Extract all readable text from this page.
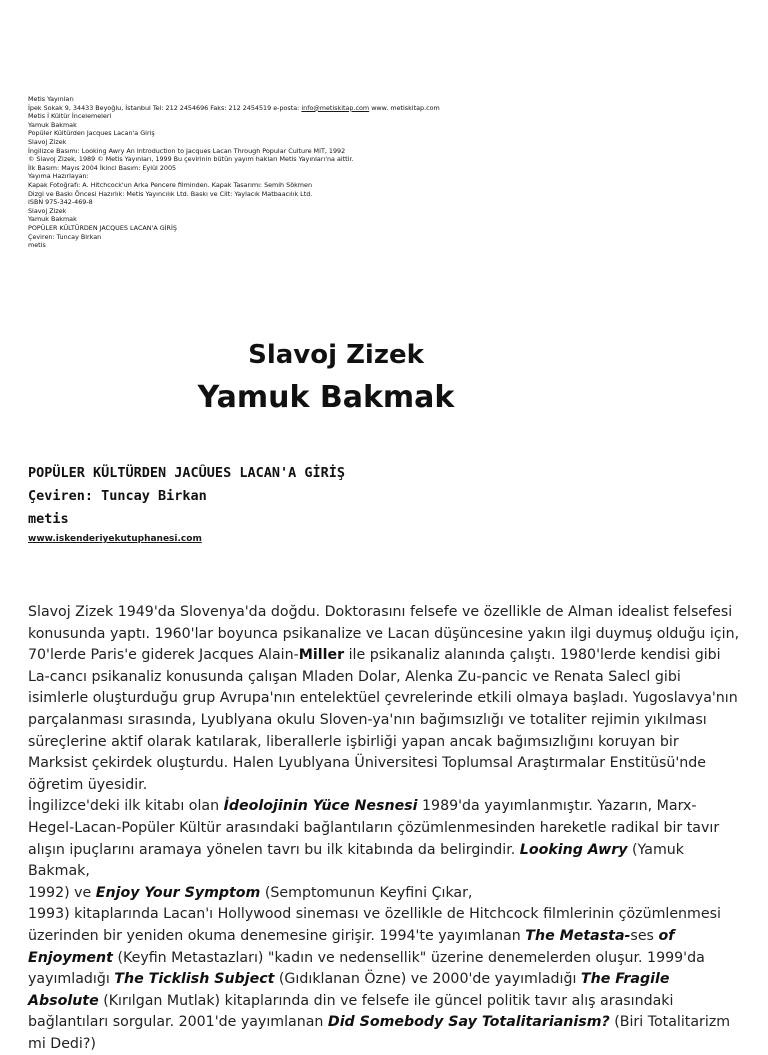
Metis Yayınları
İpek Sokak 9, 34433 Beyoğlu, İstanbul Tel: 212 2454696 Faks: 212 2454519 e-posta: info@metiskitap.com www. metiskitap.com
Metis İ Kültür İncelemeleri
Yamuk Bakmak
Popüler Kültürden Jacques Lacan'a Giriş
Slavoj Zizek
İngilizce Basımı: Looking Awry An Introduction to Jacques Lacan Through Popular Culture MIT, 1992
© Slavoj Zizek, 1989 © Metis Yayınları, 1999 Bu çevirinin bütün yayım hakları Metis Yayınları'na aittir.
İlk Basım: Mayıs 2004 İkinci Basım: Eylül 2005
Yayıma Hazırlayan:
Kapak Fotoğrafı: A. Hitchcock'un Arka Pencere filminden. Kapak Tasarımı: Semih Sökmen
Dizgi ve Baskı Öncesi Hazırlık: Metis Yayıncılık Ltd. Baskı ve Cilt: Yaylacık Matbaacılık Ltd.
ISBN 975-342-469-8
Slavoj Zizek
Yamuk Bakmak
POPÜLER KÜLTÜRDEN JACQUES LACAN'A GİRİŞ
Çeviren: Tuncay Birkan
metis
Slavoj Zizek
Yamuk Bakmak
POPÜLER KÜLTÜRDEN JACÛUES LACAN'A GİRİŞ
Çeviren: Tuncay Birkan
metis
www.iskenderiyekutuphanesi.com

Slavoj Zizek 1949'da Slovenya'da doğdu. Doktorasını felsefe ve özellikle de Alman idealist felsefesi konusunda yaptı. 1960'lar boyunca psikanalize ve Lacan düşüncesine yakın ilgi duymuş olduğu için, 70'lerde Paris'e giderek Jacques Alain-Miller ile psikanaliz alanında çalıştı. 1980'lerde kendisi gibi La-cancı psikanaliz konusunda çalışan Mladen Dolar, Alenka Zu-pancic ve Renata Salecl gibi isimlerle oluşturduğu grup Avrupa'nın entelektüel çevrelerinde etkili olmaya başladı. Yugoslavya'nın parçalanması sırasında, Lyublyana okulu Sloven-ya'nın bağımsızlığı ve totaliter rejimin yıkılması süreçlerine aktif olarak katılarak, liberallerle işbirliği yapan ancak bağımsızlığını koruyan bir Marksist çekirdek oluşturdu. Halen Lyublyana Üniversitesi Toplumsal Araştırmalar Enstitüsü'nde öğretim üyesidir.

İngilizce'deki ilk kitabı olan İdeolojinin Yüce Nesnesi 1989'da yayımlanmıştır. Yazarın, Marx-Hegel-Lacan-Popüler Kültür arasındaki bağlantıların çözümlenmesinden hareketle radikal bir tavır alışın ipuçlarını aramaya yönelen tavrı bu ilk kitabında da belirgindir. Looking Awry (Yamuk Bakmak,

1992) ve Enjoy Your Symptom (Semptomunun Keyfini Çıkar,

1993) kitaplarında Lacan'ı Hollywood sineması ve özellikle de Hitchcock filmlerinin çözümlenmesi üzerinden bir yeniden okuma denemesine girişir. 1994'te yayımlanan The Metasta-ses of Enjoyment (Keyfin Metastazları) "kadın ve nedensellik" üzerine denemelerden oluşur. 1999'da yayımladığı The Ticklish Subject (Gıdıklanan Özne) ve 2000'de yayımladığı The Fragile Absolute (Kırılgan Mutlak) kitaplarında din ve felsefe ile güncel politik tavır alış arasındaki bağlantıları sorgular. 2001'de yayımlanan Did Somebody Say Totalitarianism? (Biri Totalitarizm mi Dedi?)
